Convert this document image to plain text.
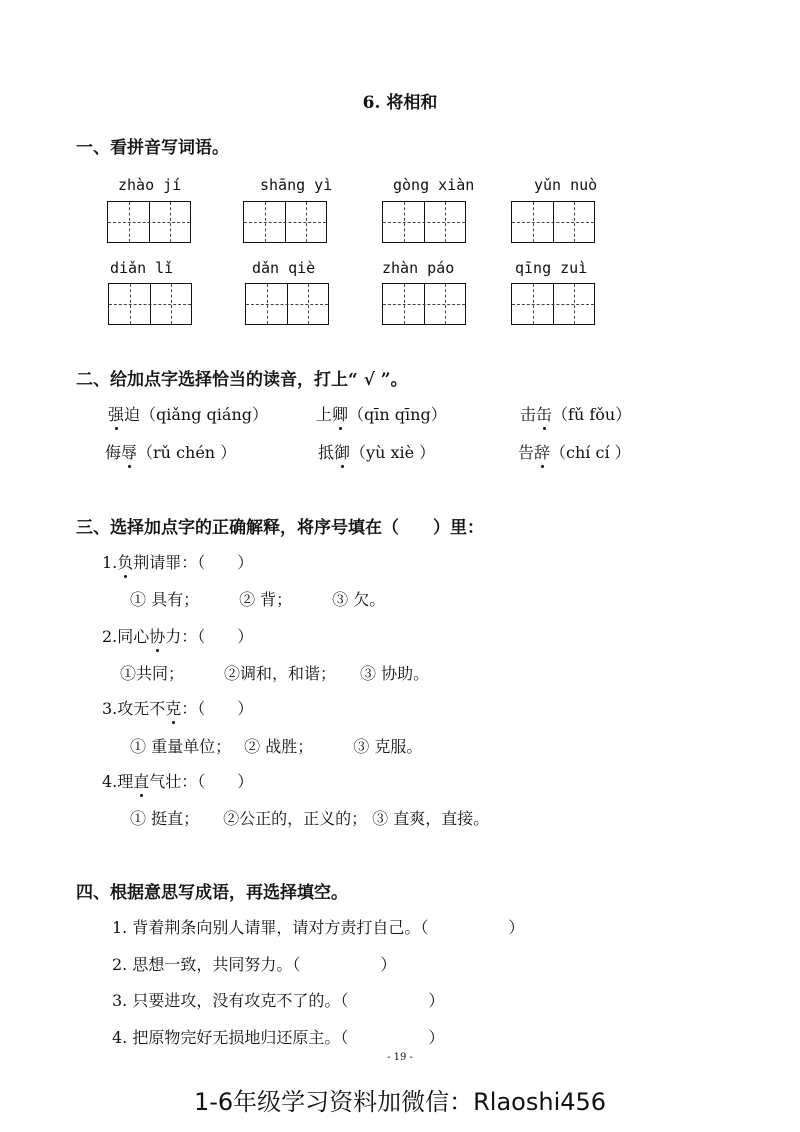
6. 将相和
一、看拼音写词语。
zhào jí	shāng yì	gòng xiàn	yǔn nuò
diǎn lǐ	dǎn qiè	zhàn páo	qīng zuì
二、给加点字选择恰当的读音，打上“ √ ”。
强迫（qiǎng qiáng）	上卿（qīn qīng）	击缶（fǔ fǒu）
侮辱（rǔ chén ）	抵御（yù xiè ）	告辞（chí cí ）
三、选择加点字的正确解释，将序号填在（　　）里：
1.负荆请罪：（　　）
① 具有；　　　② 背；　　　③ 欠。
2.同心协力：（　　）
①共同；　　　②调和，和谐；　　③ 协助。
3.攻无不克：（　　）
① 重量单位；　 ② 战胜；　　　③ 克服。
4.理直气壮：（　　）
① 挺直；　　②公正的，正义的； ③ 直爽，直接。
四、根据意思写成语，再选择填空。
1. 背着荆条向别人请罪，请对方责打自己。（　　　　　）
2. 思想一致，共同努力。（　　　　　）
3. 只要进攻，没有攻克不了的。（　　　　　）
4. 把原物完好无损地归还原主。（　　　　　）
- 19 -
1-6年级学习资料加微信：Rlaoshi456
